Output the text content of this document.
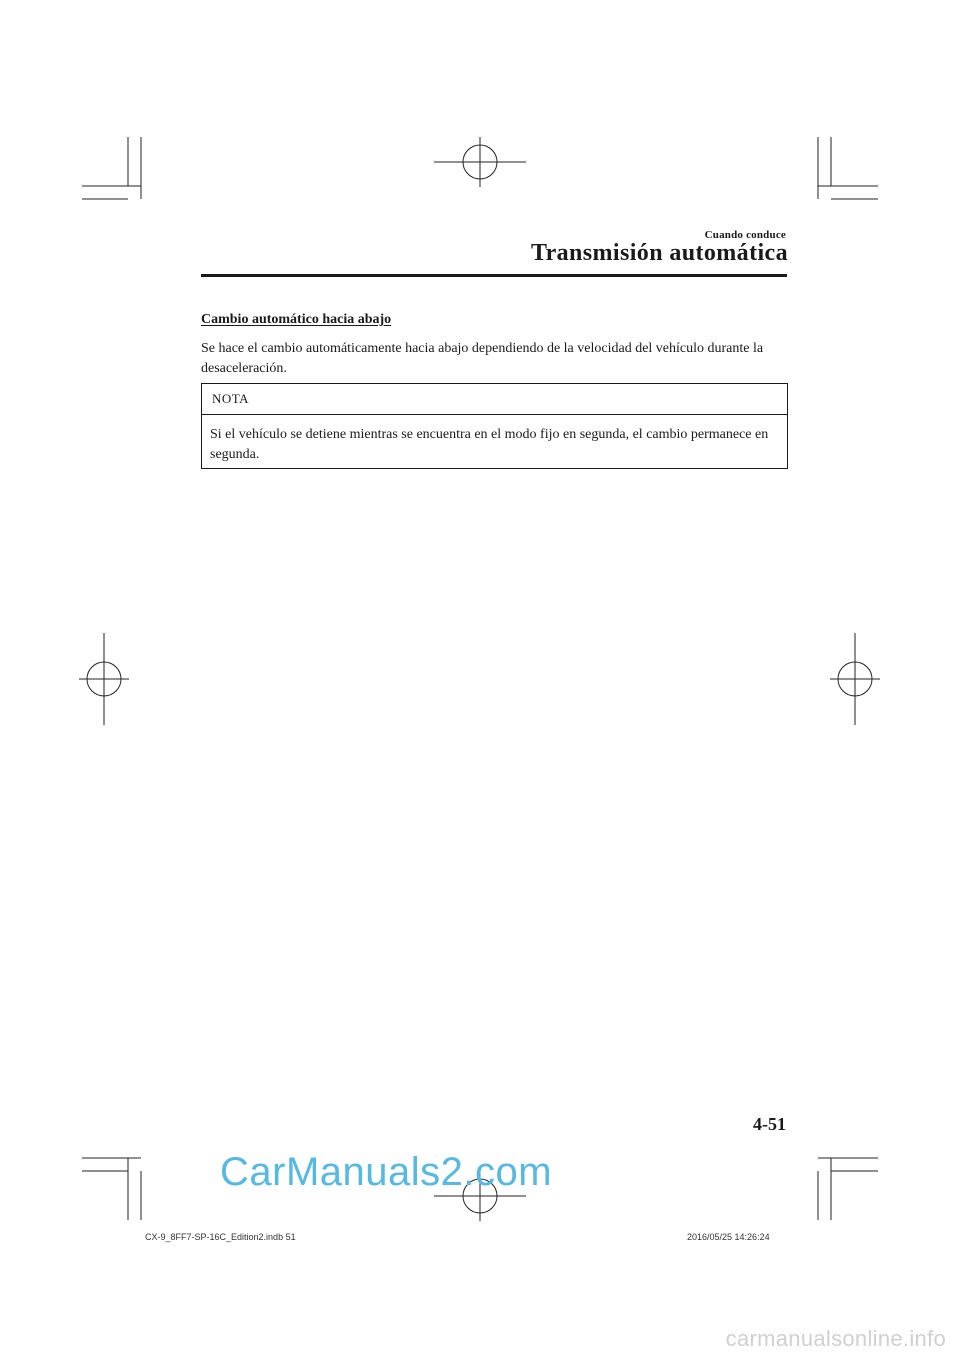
Cuando conduce
Transmisión automática
Cambio automático hacia abajo
Se hace el cambio automáticamente hacia abajo dependiendo de la velocidad del vehículo durante la desaceleración.
NOTA
Si el vehículo se detiene mientras se encuentra en el modo fijo en segunda, el cambio permanece en segunda.
4-51
CarManuals2.com
CX-9_8FF7-SP-16C_Edition2.indb 51	2016/05/25 14:26:24
carmanualsonline.info
